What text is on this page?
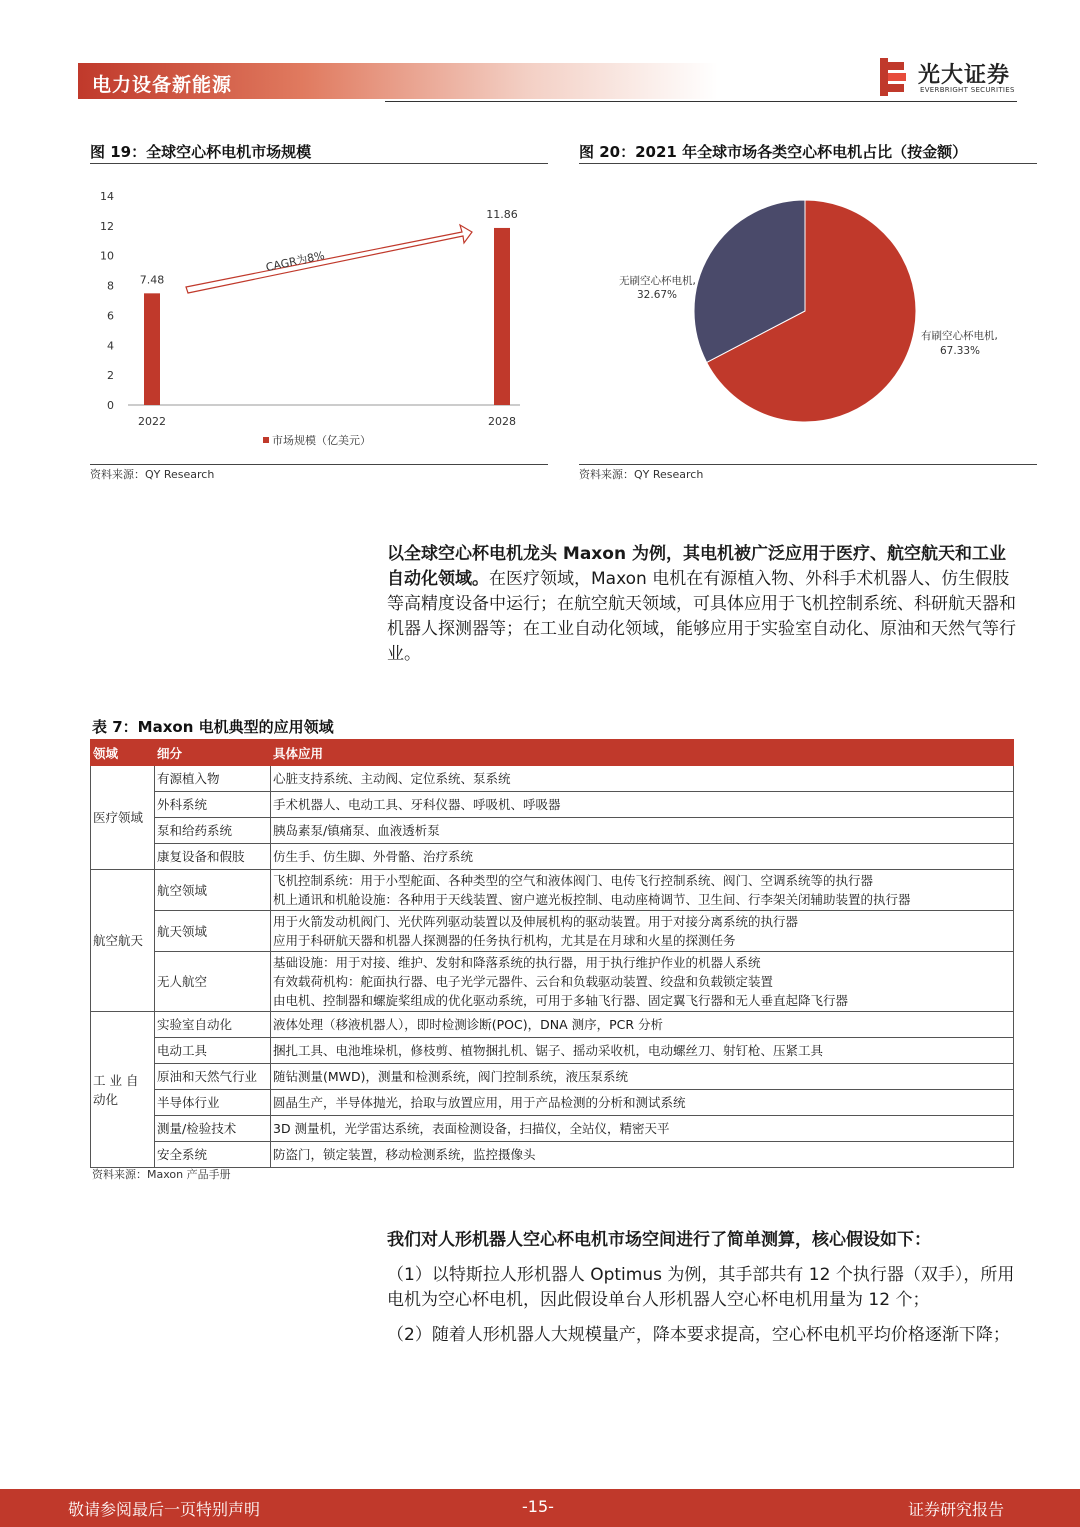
电力设备新能源	光大证券
EVERBRIGHT SECURITIES
图 19：全球空心杯电机市场规模
0
2
4
6
8
10
12
14
2022	2028
7.48
11.86
CAGR为8%
市场规模（亿美元）
资料来源：QY Research
图 20：2021 年全球市场各类空心杯电机占比（按金额）
无刷空心杯电机,
32.67%
有刷空心杯电机,
67.33%
资料来源：QY Research
以全球空心杯电机龙头 Maxon 为例，其电机被广泛应用于医疗、航空航天和工业自动化领域。在医疗领域，Maxon 电机在有源植入物、外科手术机器人、仿生假肢等高精度设备中运行；在航空航天领域，可具体应用于飞机控制系统、科研航天器和机器人探测器等；在工业自动化领域，能够应用于实验室自动化、原油和天然气等行业。
表 7：Maxon 电机典型的应用领域
领域	细分	具体应用
医疗领域	有源植入物	心脏支持系统、主动阀、定位系统、泵系统

	外科系统	手术机器人、电动工具、牙科仪器、呼吸机、呼吸器

	泵和给药系统	胰岛素泵/镇痛泵、血液透析泵

	康复设备和假肢	仿生手、仿生脚、外骨骼、治疗系统

航空航天	航空领域	飞机控制系统：用于小型舵面、各种类型的空气和液体阀门、电传飞行控制系统、阀门、空调系统等的执行器
机上通讯和机舱设施：各种用于天线装置、窗户遮光板控制、电动座椅调节、卫生间、行李架关闭辅助装置的执行器

	航天领域	用于火箭发动机阀门、光伏阵列驱动装置以及伸展机构的驱动装置。用于对接分离系统的执行器
应用于科研航天器和机器人探测器的任务执行机构，尤其是在月球和火星的探测任务

	无人航空	基础设施：用于对接、维护、发射和降落系统的执行器，用于执行维护作业的机器人系统
有效载荷机构：舵面执行器、电子光学元器件、云台和负载驱动装置、绞盘和负载锁定装置
由电机、控制器和螺旋桨组成的优化驱动系统，可用于多轴飞行器、固定翼飞行器和无人垂直起降飞行器

工 业 自 动化	实验室自动化	液体处理（移液机器人），即时检测诊断(POC)，DNA 测序，PCR 分析

	电动工具	捆扎工具、电池堆垛机，修枝剪、植物捆扎机、锯子、摇动采收机，电动螺丝刀、射钉枪、压紧工具

	原油和天然气行业	随钻测量(MWD)，测量和检测系统，阀门控制系统，液压泵系统

	半导体行业	圆晶生产，半导体抛光，拾取与放置应用，用于产品检测的分析和测试系统

	测量/检验技术	3D 测量机，光学雷达系统，表面检测设备，扫描仪，全站仪，精密天平

	安全系统	防盗门，锁定装置，移动检测系统，监控摄像头
资料来源：Maxon 产品手册
我们对人形机器人空心杯电机市场空间进行了简单测算，核心假设如下：
（1）以特斯拉人形机器人 Optimus 为例，其手部共有 12 个执行器（双手），所用电机为空心杯电机，因此假设单台人形机器人空心杯电机用量为 12 个；
（2）随着人形机器人大规模量产，降本要求提高，空心杯电机平均价格逐渐下降；
敬请参阅最后一页特别声明	-15-	证券研究报告
